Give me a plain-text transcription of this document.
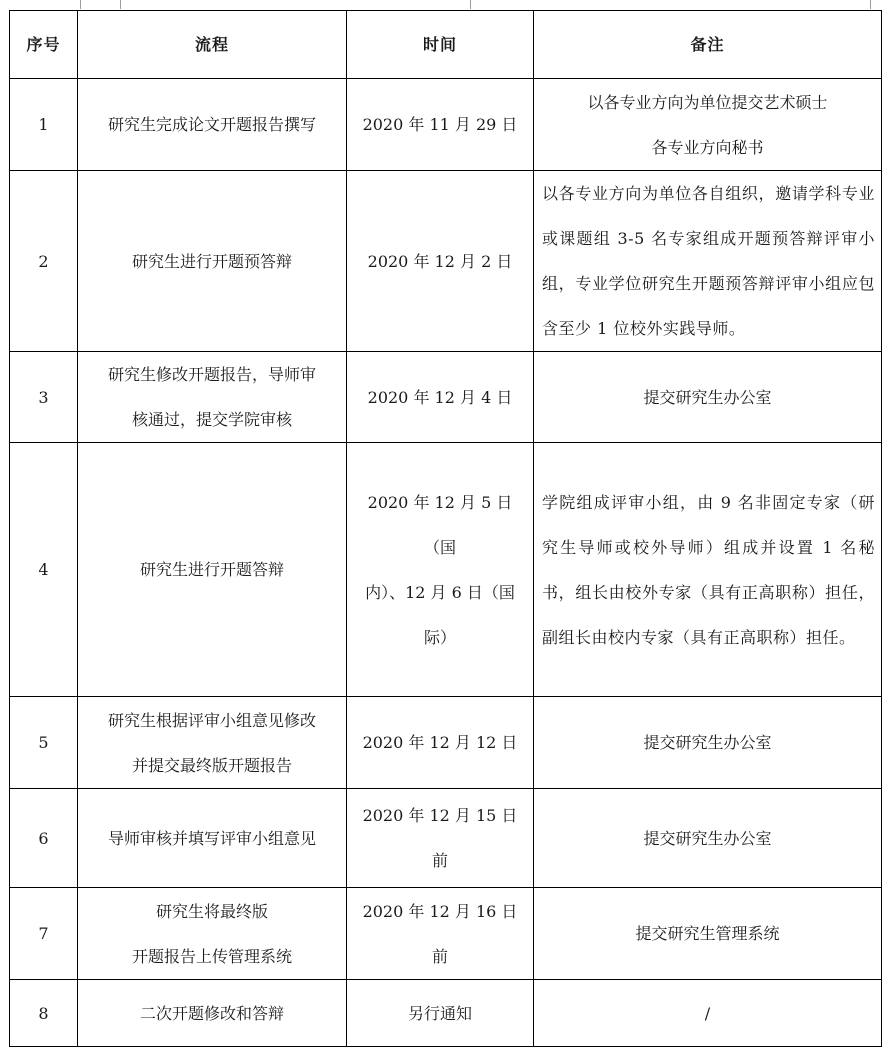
序号	流程	时间	备注
1	研究生完成论文开题报告撰写	2020 年 11 月 29 日	以各专业方向为单位提交艺术硕士
各专业方向秘书

2	研究生进行开题预答辩	2020 年 12 月 2 日	以各专业方向为单位各自组织，邀请学科专业或课题组 3-5 名专家组成开题预答辩评审小组，专业学位研究生开题预答辩评审小组应包含至少 1 位校外实践导师。

3	研究生修改开题报告，导师审
核通过，提交学院审核	2020 年 12 月 4 日	提交研究生办公室

4	研究生进行开题答辩	2020 年 12 月 5 日（国
内）、12 月 6 日（国
际）	学院组成评审小组，由 9 名非固定专家（研究生导师或校外导师）组成并设置 1 名秘书，组长由校外专家（具有正高职称）担任，副组长由校内专家（具有正高职称）担任。

5	研究生根据评审小组意见修改
并提交最终版开题报告	2020 年 12 月 12 日	提交研究生办公室

6	导师审核并填写评审小组意见	2020 年 12 月 15 日前	提交研究生办公室

7	研究生将最终版
开题报告上传管理系统	2020 年 12 月 16 日前	提交研究生管理系统

8	二次开题修改和答辩	另行通知	/
